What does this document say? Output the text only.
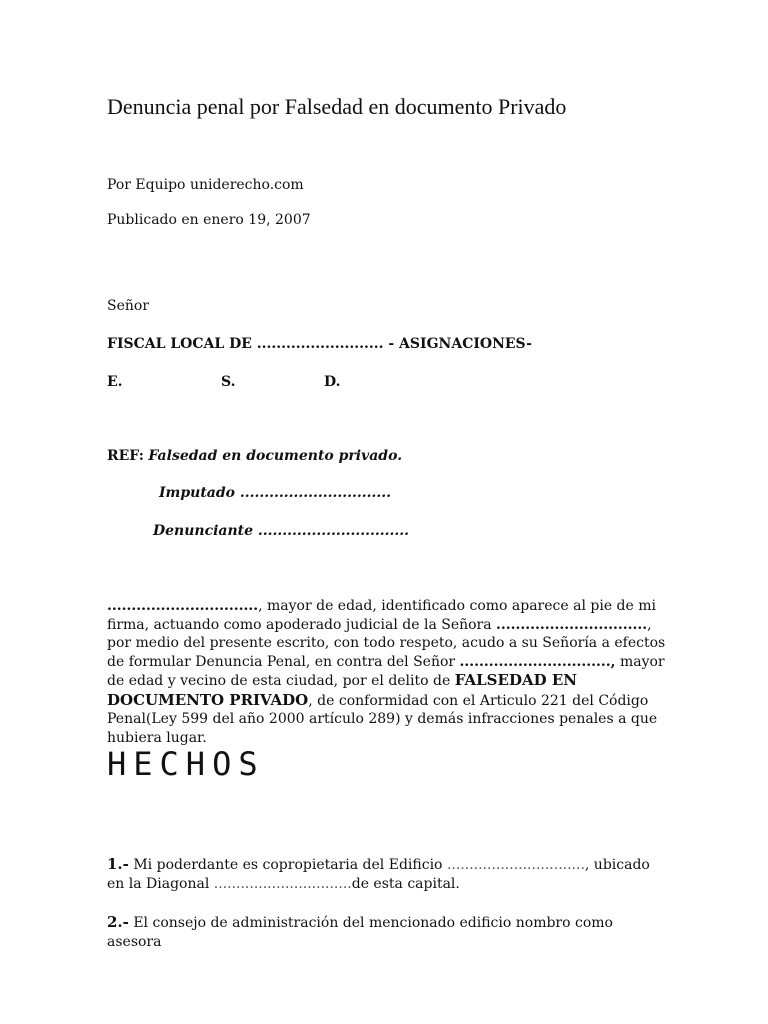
Denuncia penal por Falsedad en documento Privado
Por Equipo uniderecho.com
Publicado en enero 19, 2007
Señor
FISCAL LOCAL DE .......................... - ASIGNACIONES-
E.	S.	D.
REF: Falsedad en documento privado.
Imputado ...............................
Denunciante ...............................

..............................., mayor de edad, identificado como aparece al pie de mi firma, actuando como apoderado judicial de la Señora ..............................., por medio del presente escrito, con todo respeto, acudo a su Señoría a efectos de formular Denuncia Penal, en contra del Señor ..............................., mayor de edad y vecino de esta ciudad, por el delito de FALSEDAD EN DOCUMENTO PRIVADO, de conformidad con el Articulo 221 del Código Penal(Ley 599 del año 2000 artículo 289) y demás infracciones penales a que hubiera lugar.

HECHOS

1.- Mi poderdante es copropietaria del Edificio ..............................., ubicado en la Diagonal ...............................de esta capital.

2.- El consejo de administración del mencionado edificio nombro como asesora
